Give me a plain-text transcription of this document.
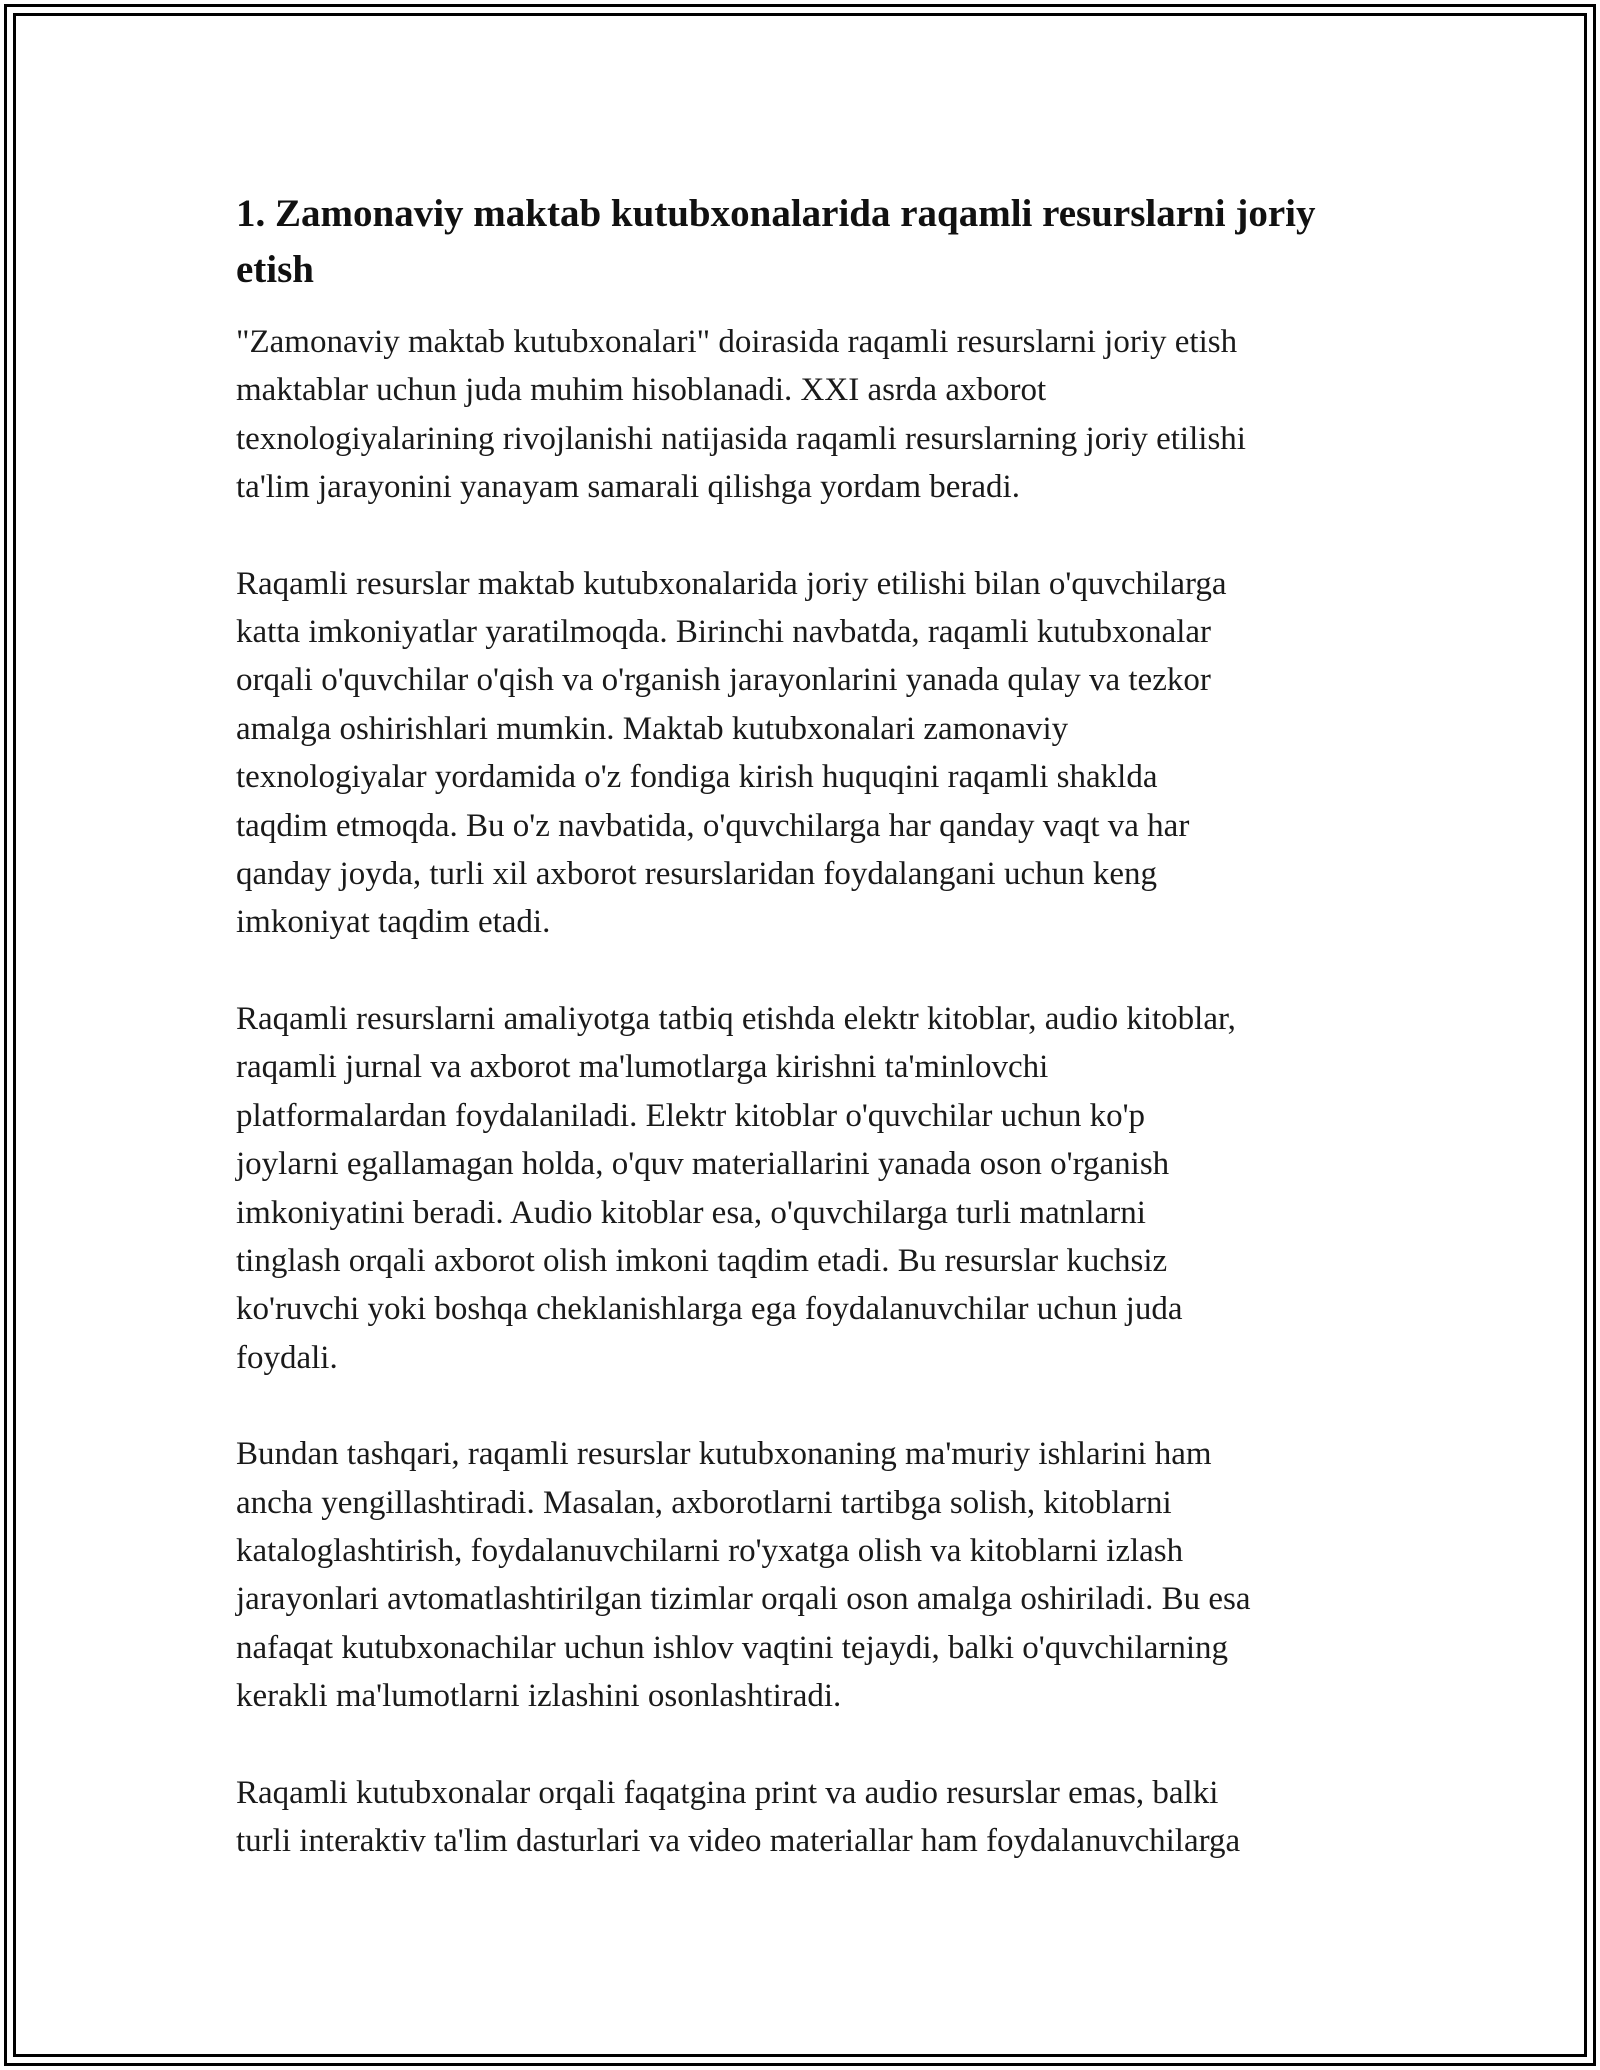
1. Zamonaviy maktab kutubxonalarida raqamli resurslarni joriy etish

"Zamonaviy maktab kutubxonalari" doirasida raqamli resurslarni joriy etish
maktablar uchun juda muhim hisoblanadi. XXI asrda axborot
texnologiyalarining rivojlanishi natijasida raqamli resurslarning joriy etilishi
ta'lim jarayonini yanayam samarali qilishga yordam beradi.

Raqamli resurslar maktab kutubxonalarida joriy etilishi bilan o'quvchilarga
katta imkoniyatlar yaratilmoqda. Birinchi navbatda, raqamli kutubxonalar
orqali o'quvchilar o'qish va o'rganish jarayonlarini yanada qulay va tezkor
amalga oshirishlari mumkin. Maktab kutubxonalari zamonaviy
texnologiyalar yordamida o'z fondiga kirish huquqini raqamli shaklda
taqdim etmoqda. Bu o'z navbatida, o'quvchilarga har qanday vaqt va har
qanday joyda, turli xil axborot resurslaridan foydalangani uchun keng
imkoniyat taqdim etadi.

Raqamli resurslarni amaliyotga tatbiq etishda elektr kitoblar, audio kitoblar,
raqamli jurnal va axborot ma'lumotlarga kirishni ta'minlovchi
platformalardan foydalaniladi. Elektr kitoblar o'quvchilar uchun ko'p
joylarni egallamagan holda, o'quv materiallarini yanada oson o'rganish
imkoniyatini beradi. Audio kitoblar esa, o'quvchilarga turli matnlarni
tinglash orqali axborot olish imkoni taqdim etadi. Bu resurslar kuchsiz
ko'ruvchi yoki boshqa cheklanishlarga ega foydalanuvchilar uchun juda
foydali.

Bundan tashqari, raqamli resurslar kutubxonaning ma'muriy ishlarini ham
ancha yengillashtiradi. Masalan, axborotlarni tartibga solish, kitoblarni
kataloglashtirish, foydalanuvchilarni ro'yxatga olish va kitoblarni izlash
jarayonlari avtomatlashtirilgan tizimlar orqali oson amalga oshiriladi. Bu esa
nafaqat kutubxonachilar uchun ishlov vaqtini tejaydi, balki o'quvchilarning
kerakli ma'lumotlarni izlashini osonlashtiradi.

Raqamli kutubxonalar orqali faqatgina print va audio resurslar emas, balki
turli interaktiv ta'lim dasturlari va video materiallar ham foydalanuvchilarga
